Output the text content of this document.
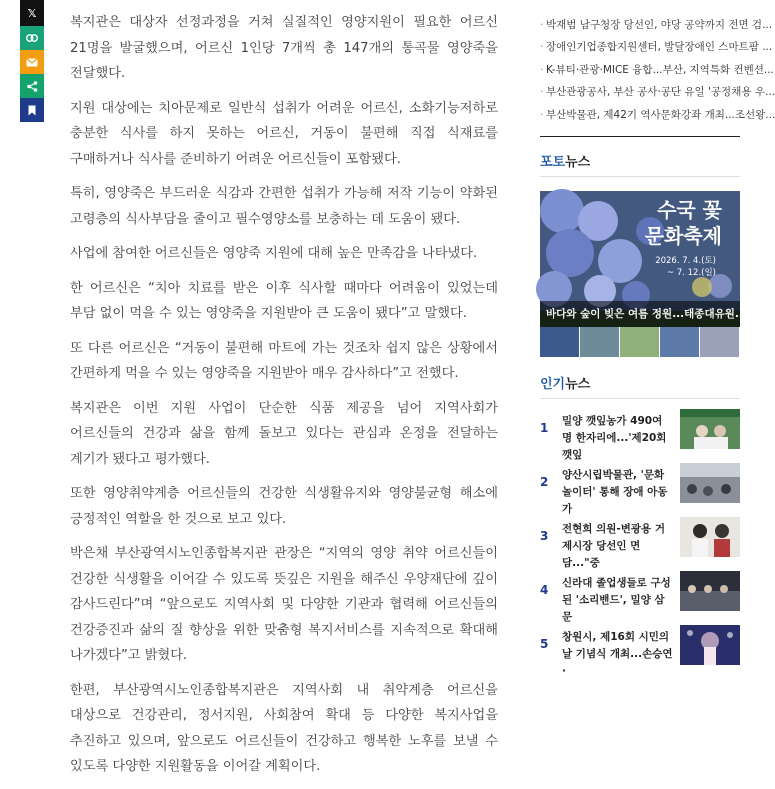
𝕏

복지관은 대상자 선정과정을 거쳐 실질적인 영양지원이 필요한 어르신 21명을 발굴했으며, 어르신 1인당 7개씩 총 147개의 통곡물 영양죽을 전달했다.

지원 대상에는 치아문제로 일반식 섭취가 어려운 어르신, 소화기능저하로 충분한 식사를 하지 못하는 어르신, 거동이 불편해 직접 식재료를 구매하거나 식사를 준비하기 어려운 어르신들이 포함됐다.

특히, 영양죽은 부드러운 식감과 간편한 섭취가 가능해 저작 기능이 약화된 고령층의 식사부담을 줄이고 필수영양소를 보충하는 데 도움이 됐다.

사업에 참여한 어르신들은 영양죽 지원에 대해 높은 만족감을 나타냈다.

한 어르신은 “치아 치료를 받은 이후 식사할 때마다 어려움이 있었는데 부담 없이 먹을 수 있는 영양죽을 지원받아 큰 도움이 됐다”고 말했다.

또 다른 어르신은 “거동이 불편해 마트에 가는 것조차 쉽지 않은 상황에서 간편하게 먹을 수 있는 영양죽을 지원받아 매우 감사하다”고 전했다.

복지관은 이번 지원 사업이 단순한 식품 제공을 넘어 지역사회가 어르신들의 건강과 삶을 함께 돌보고 있다는 관심과 온정을 전달하는 계기가 됐다고 평가했다.

또한 영양취약계층 어르신들의 건강한 식생활유지와 영양불균형 해소에 긍정적인 역할을 한 것으로 보고 있다.

박은채 부산광역시노인종합복지관 관장은 “지역의 영양 취약 어르신들이 건강한 식생활을 이어갈 수 있도록 뜻깊은 지원을 해주신 우양재단에 깊이 감사드린다”며 “앞으로도 지역사회 및 다양한 기관과 협력해 어르신들의 건강증진과 삶의 질 향상을 위한 맞춤형 복지서비스를 지속적으로 확대해 나가겠다”고 밝혔다.

한편, 부산광역시노인종합복지관은 지역사회 내 취약계층 어르신을 대상으로 건강관리, 정서지원, 사회참여 확대 등 다양한 복지사업을 추진하고 있으며, 앞으로도 어르신들이 건강하고 행복한 노후를 보낼 수 있도록 다양한 지원활동을 이어갈 계획이다.

· 박재범 남구청장 당선인, 야당 공약까지 전면 검...
· 장애인기업종합지원센터, 발달장애인 스마트팜 ...
· K-뷰티·관광·MICE 융합...부산, 지역특화 컨벤션...
· 부산관광공사, 부산 공사·공단 유일 '공정채용 우...
· 부산박물관, 제42기 역사문화강좌 개최...조선왕...
포토뉴스
수국 꽃
문화축제
2026. 7. 4.(토)
~ 7. 12.(일)
바다와 숲이 빚은 여름 정원...태종대유원...
인기뉴스
1	밀양 깻잎농가 490여 명 한자리에...'제20회 깻잎
2	양산시립박물관, '문화놀이터' 통해 장애 아동 가
3	전현희 의원-변광용 거제시장 당선인 면담..."중
4	신라대 졸업생들로 구성된 '소리밴드', 밀양 삼문
5	창원시, 제16회 시민의 날 기념식 개최...손승연·
